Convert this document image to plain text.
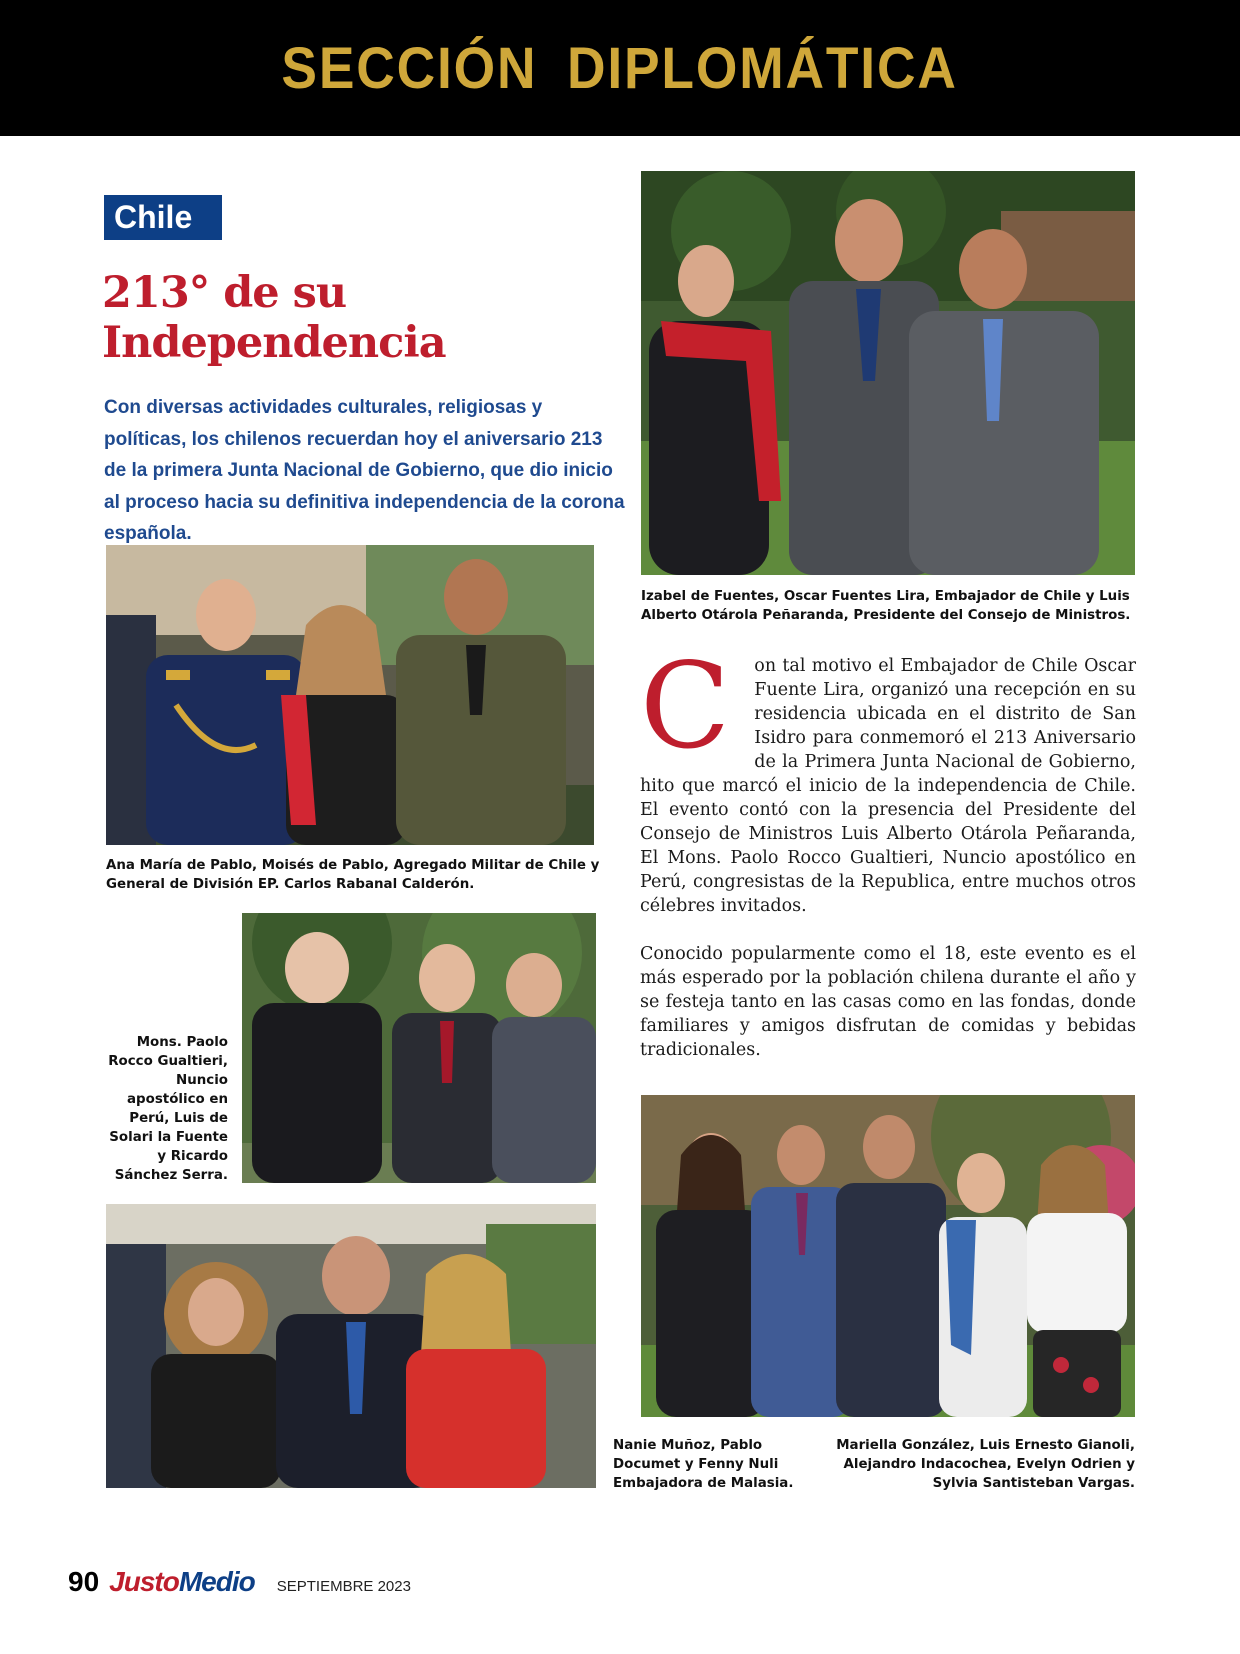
SECCIÓN DIPLOMÁTICA
Chile
213° de su
Independencia
Con diversas actividades culturales, religiosas y políticas, los chilenos recuerdan hoy el aniversario 213 de la primera Junta Nacional de Gobierno, que dio inicio al proceso hacia su definitiva independencia de la corona española.
Izabel de Fuentes, Oscar Fuentes Lira, Embajador de Chile y Luis Alberto Otárola Peñaranda, Presidente del Consejo de Ministros.
Ana María de Pablo, Moisés de Pablo, Agregado Militar de Chile y General de División EP. Carlos Rabanal Calderón.
Mons. Paolo Rocco Gualtieri, Nuncio apostólico en Perú, Luis de Solari la Fuente y Ricardo Sánchez Serra.

C on tal motivo el Embajador de Chile Oscar Fuente Lira, organizó una recepción en su residencia ubicada en el distrito de San Isidro para conmemoró el 213 Aniversario de la Primera Junta Nacional de Gobierno, hito que marcó el inicio de la independencia de Chile. El evento contó con la presencia del Presidente del Consejo de Ministros Luis Alberto Otárola Peñaranda, El Mons. Paolo Rocco Gualtieri, Nuncio apostólico en Perú, congresistas de la Republica, entre muchos otros célebres invitados.

Conocido popularmente como el 18, este evento es el más esperado por la población chilena durante el año y se festeja tanto en las casas como en las fondas, donde familiares y amigos disfrutan de comidas y bebidas tradicionales.

Nanie Muñoz, Pablo Documet y Fenny Nuli Embajadora de Malasia.
Mariella González, Luis Ernesto Gianoli, Alejandro Indacochea, Evelyn Odrien y Sylvia Santisteban Vargas.
90 JustoMedio SEPTIEMBRE 2023
